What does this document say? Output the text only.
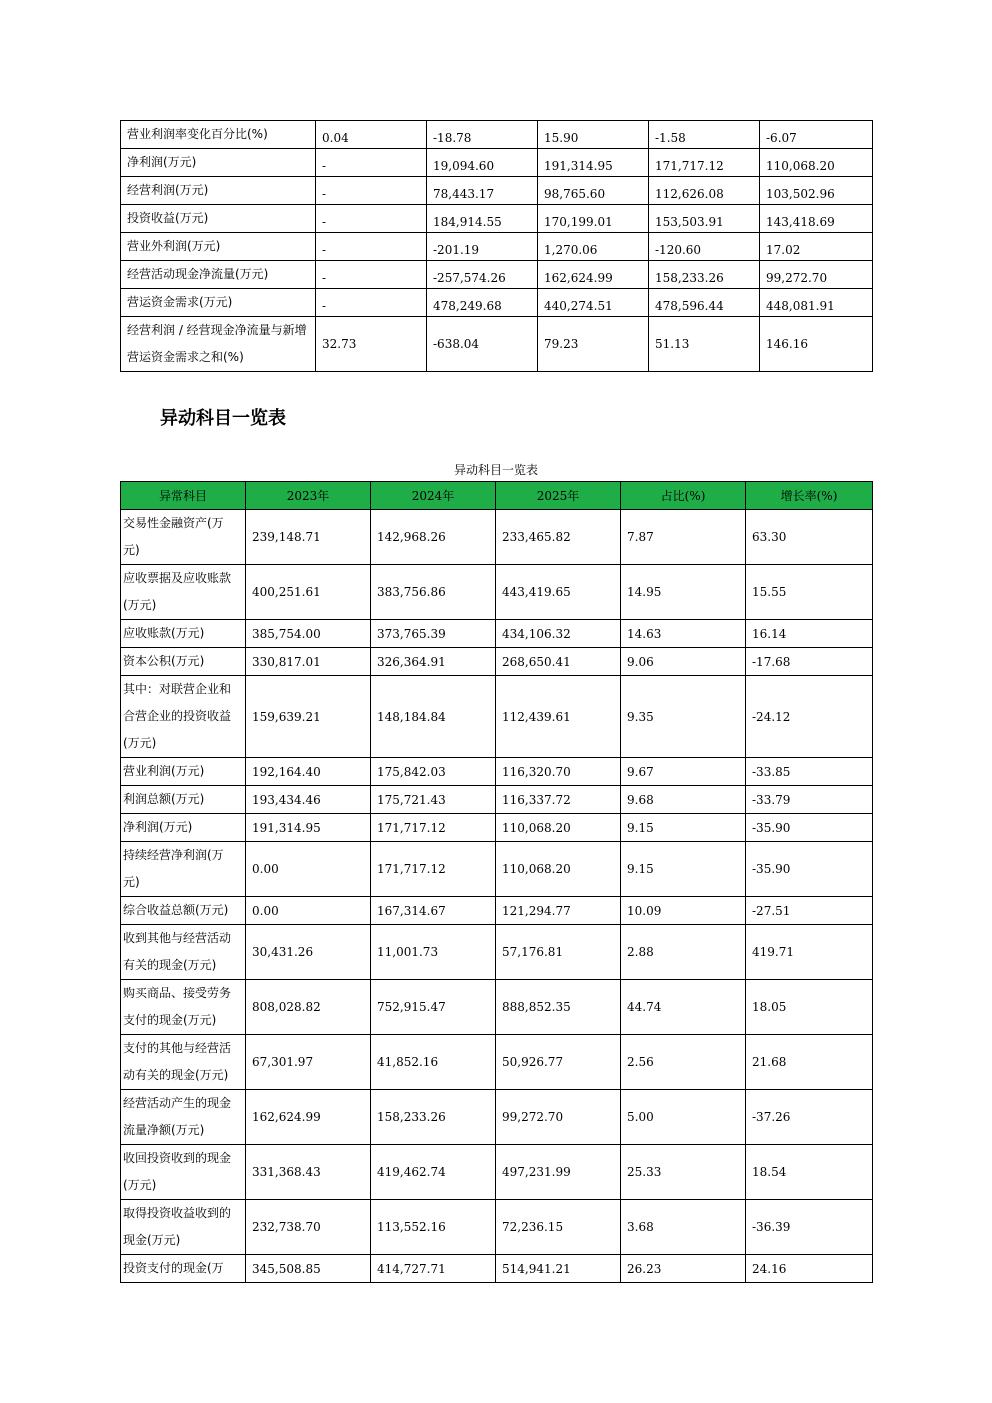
营业利润率变化百分比(%)	0.04	-18.78	15.90	-1.58	-6.07
净利润(万元)	-	19,094.60	191,314.95	171,717.12	110,068.20
经营利润(万元)	-	78,443.17	98,765.60	112,626.08	103,502.96
投资收益(万元)	-	184,914.55	170,199.01	153,503.91	143,418.69
营业外利润(万元)	-	-201.19	1,270.06	-120.60	17.02
经营活动现金净流量(万元)	-	-257,574.26	162,624.99	158,233.26	99,272.70
营运资金需求(万元)	-	478,249.68	440,274.51	478,596.44	448,081.91
经营利润 / 经营现金净流量与新增营运资金需求之和(%)	32.73	-638.04	79.23	51.13	146.16
异动科目一览表
异动科目一览表
异常科目	2023年	2024年	2025年	占比(%)	增长率(%)
交易性金融资产(万元)	239,148.71	142,968.26	233,465.82	7.87	63.30
应收票据及应收账款(万元)	400,251.61	383,756.86	443,419.65	14.95	15.55
应收账款(万元)	385,754.00	373,765.39	434,106.32	14.63	16.14
资本公积(万元)	330,817.01	326,364.91	268,650.41	9.06	-17.68
其中：对联营企业和合营企业的投资收益(万元)	159,639.21	148,184.84	112,439.61	9.35	-24.12
营业利润(万元)	192,164.40	175,842.03	116,320.70	9.67	-33.85
利润总额(万元)	193,434.46	175,721.43	116,337.72	9.68	-33.79
净利润(万元)	191,314.95	171,717.12	110,068.20	9.15	-35.90
持续经营净利润(万元)	0.00	171,717.12	110,068.20	9.15	-35.90
综合收益总额(万元)	0.00	167,314.67	121,294.77	10.09	-27.51
收到其他与经营活动有关的现金(万元)	30,431.26	11,001.73	57,176.81	2.88	419.71
购买商品、接受劳务支付的现金(万元)	808,028.82	752,915.47	888,852.35	44.74	18.05
支付的其他与经营活动有关的现金(万元)	67,301.97	41,852.16	50,926.77	2.56	21.68
经营活动产生的现金流量净额(万元)	162,624.99	158,233.26	99,272.70	5.00	-37.26
收回投资收到的现金(万元)	331,368.43	419,462.74	497,231.99	25.33	18.54
取得投资收益收到的现金(万元)	232,738.70	113,552.16	72,236.15	3.68	-36.39
投资支付的现金(万	345,508.85	414,727.71	514,941.21	26.23	24.16
